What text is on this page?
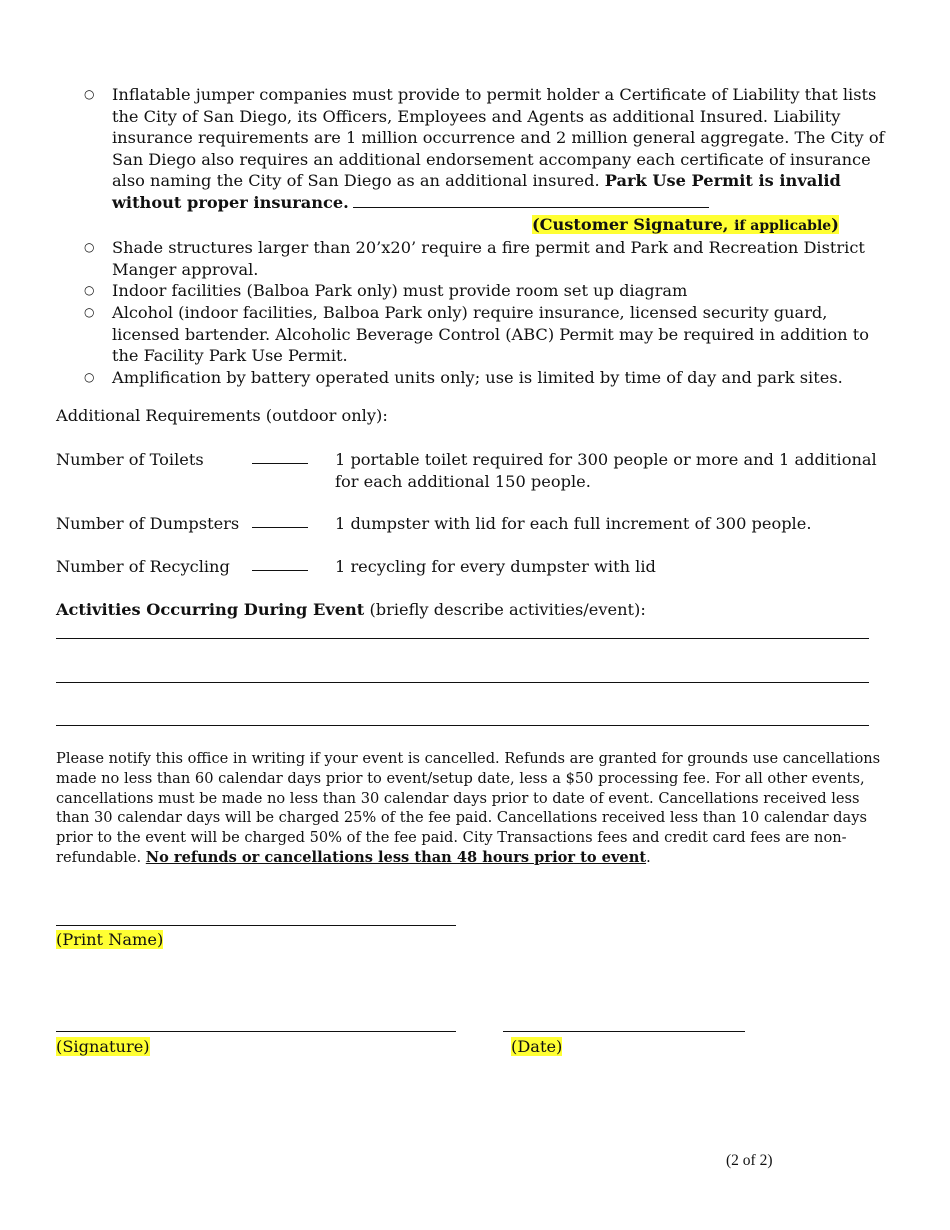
○ Inflatable jumper companies must provide to permit holder a Certificate of Liability that lists the City of San Diego, its Officers, Employees and Agents as additional Insured. Liability insurance requirements are 1 million occurrence and 2 million general aggregate. The City of San Diego also requires an additional endorsement accompany each certificate of insurance also naming the City of San Diego as an additional insured. Park Use Permit is invalid without proper insurance.
(Customer Signature, if applicable)
○ Shade structures larger than 20’x20’ require a fire permit and Park and Recreation District Manger approval.
○ Indoor facilities (Balboa Park only) must provide room set up diagram
○ Alcohol (indoor facilities, Balboa Park only) require insurance, licensed security guard, licensed bartender. Alcoholic Beverage Control (ABC) Permit may be required in addition to the Facility Park Use Permit.
○ Amplification by battery operated units only; use is limited by time of day and park sites.
Additional Requirements (outdoor only):
Number of Toilets	1 portable toilet required for 300 people or more and 1 additional for each additional 150 people.
Number of Dumpsters	1 dumpster with lid for each full increment of 300 people.
Number of Recycling	1 recycling for every dumpster with lid
Activities Occurring During Event (briefly describe activities/event):
Please notify this office in writing if your event is cancelled. Refunds are granted for grounds use cancellations made no less than 60 calendar days prior to event/setup date, less a $50 processing fee. For all other events, cancellations must be made no less than 30 calendar days prior to date of event. Cancellations received less than 30 calendar days will be charged 25% of the fee paid. Cancellations received less than 10 calendar days prior to the event will be charged 50% of the fee paid. City Transactions fees and credit card fees are non-refundable. No refunds or cancellations less than 48 hours prior to event.
(Print Name)
(Signature)	(Date)
(2 of 2)
